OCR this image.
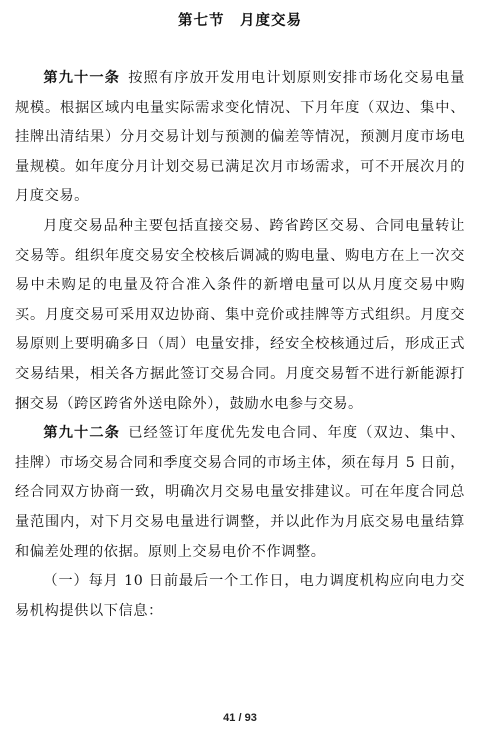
第七节　月度交易

第九十一条  按照有序放开发用电计划原则安排市场化交易电量规模。根据区域内电量实际需求变化情况、下月年度（双边、集中、挂牌出清结果）分月交易计划与预测的偏差等情况，预测月度市场电量规模。如年度分月计划交易已满足次月市场需求，可不开展次月的月度交易。

月度交易品种主要包括直接交易、跨省跨区交易、合同电量转让交易等。组织年度交易安全校核后调减的购电量、购电方在上一次交易中未购足的电量及符合准入条件的新增电量可以从月度交易中购买。月度交易可采用双边协商、集中竞价或挂牌等方式组织。月度交易原则上要明确多日（周）电量安排，经安全校核通过后，形成正式交易结果，相关各方据此签订交易合同。月度交易暂不进行新能源打捆交易（跨区跨省外送电除外），鼓励水电参与交易。

第九十二条  已经签订年度优先发电合同、年度（双边、集中、挂牌）市场交易合同和季度交易合同的市场主体，须在每月 5 日前，经合同双方协商一致，明确次月交易电量安排建议。可在年度合同总量范围内，对下月交易电量进行调整，并以此作为月底交易电量结算和偏差处理的依据。原则上交易电价不作调整。

（一）每月 10 日前最后一个工作日，电力调度机构应向电力交易机构提供以下信息：

41 / 93
